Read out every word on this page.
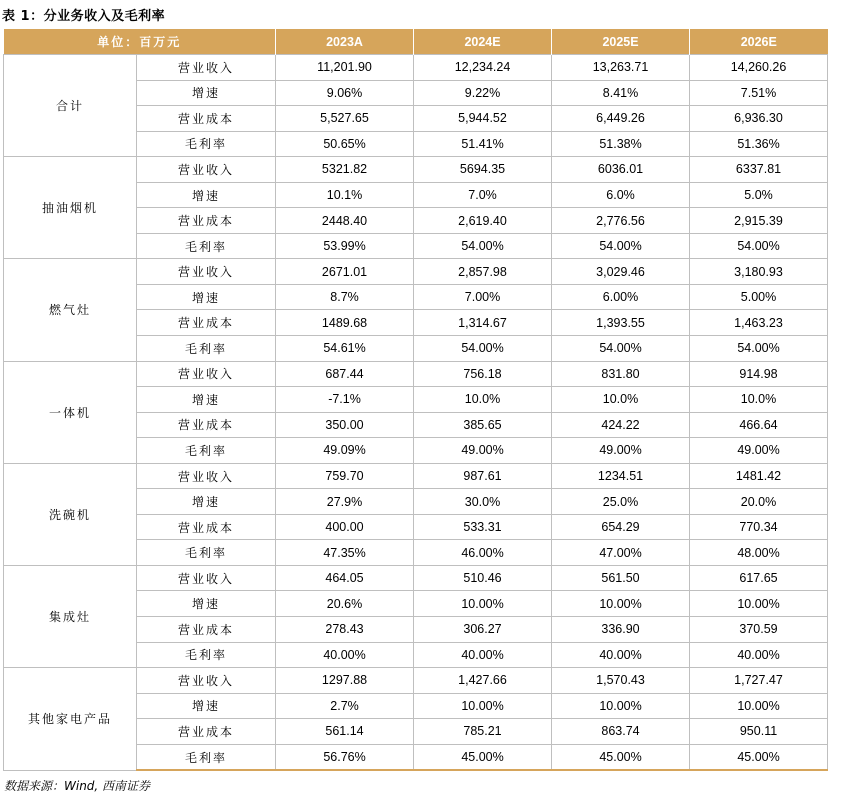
表 1：分业务收入及毛利率
单位：百万元		2023A	2024E	2025E	2026E
合计	营业收入	11,201.90	12,234.24	13,263.71	14,260.26
	增速	9.06%	9.22%	8.41%	7.51%
	营业成本	5,527.65	5,944.52	6,449.26	6,936.30
	毛利率	50.65%	51.41%	51.38%	51.36%
抽油烟机	营业收入	5321.82	5694.35	6036.01	6337.81
	增速	10.1%	7.0%	6.0%	5.0%
	营业成本	2448.40	2,619.40	2,776.56	2,915.39
	毛利率	53.99%	54.00%	54.00%	54.00%
燃气灶	营业收入	2671.01	2,857.98	3,029.46	3,180.93
	增速	8.7%	7.00%	6.00%	5.00%
	营业成本	1489.68	1,314.67	1,393.55	1,463.23
	毛利率	54.61%	54.00%	54.00%	54.00%
一体机	营业收入	687.44	756.18	831.80	914.98
	增速	-7.1%	10.0%	10.0%	10.0%
	营业成本	350.00	385.65	424.22	466.64
	毛利率	49.09%	49.00%	49.00%	49.00%
洗碗机	营业收入	759.70	987.61	1234.51	1481.42
	增速	27.9%	30.0%	25.0%	20.0%
	营业成本	400.00	533.31	654.29	770.34
	毛利率	47.35%	46.00%	47.00%	48.00%
集成灶	营业收入	464.05	510.46	561.50	617.65
	增速	20.6%	10.00%	10.00%	10.00%
	营业成本	278.43	306.27	336.90	370.59
	毛利率	40.00%	40.00%	40.00%	40.00%
其他家电产品	营业收入	1297.88	1,427.66	1,570.43	1,727.47
	增速	2.7%	10.00%	10.00%	10.00%
	营业成本	561.14	785.21	863.74	950.11
	毛利率	56.76%	45.00%	45.00%	45.00%
数据来源：Wind, 西南证券
